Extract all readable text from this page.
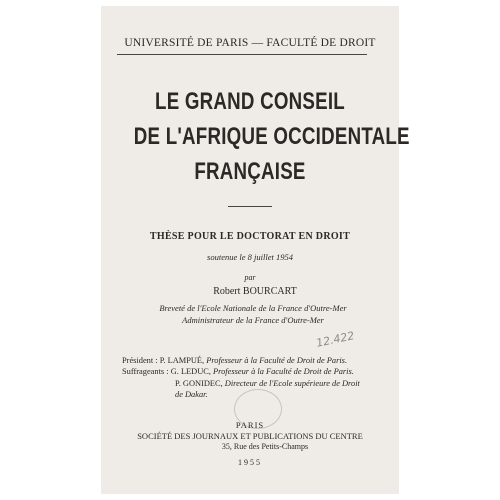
UNIVERSITÉ DE PARIS — FACULTÉ DE DROIT
LE GRAND CONSEIL
DE L'AFRIQUE OCCIDENTALE
FRANÇAISE
THÈSE POUR LE DOCTORAT EN DROIT
soutenue le 8 juillet 1954
par
Robert BOURCART
Breveté de l'Ecole Nationale de la France d'Outre-Mer
Administrateur de la France d'Outre-Mer
12.422
Président : P. LAMPUÉ, Professeur à la Faculté de Droit de Paris.
Suffrageants : G. LEDUC, Professeur à la Faculté de Droit de Paris.
P. GONIDEC, Directeur de l'Ecole supérieure de Droit
de Dakar.
PARIS
SOCIÉTÉ DES JOURNAUX ET PUBLICATIONS DU CENTRE
35, Rue des Petits-Champs
1955
